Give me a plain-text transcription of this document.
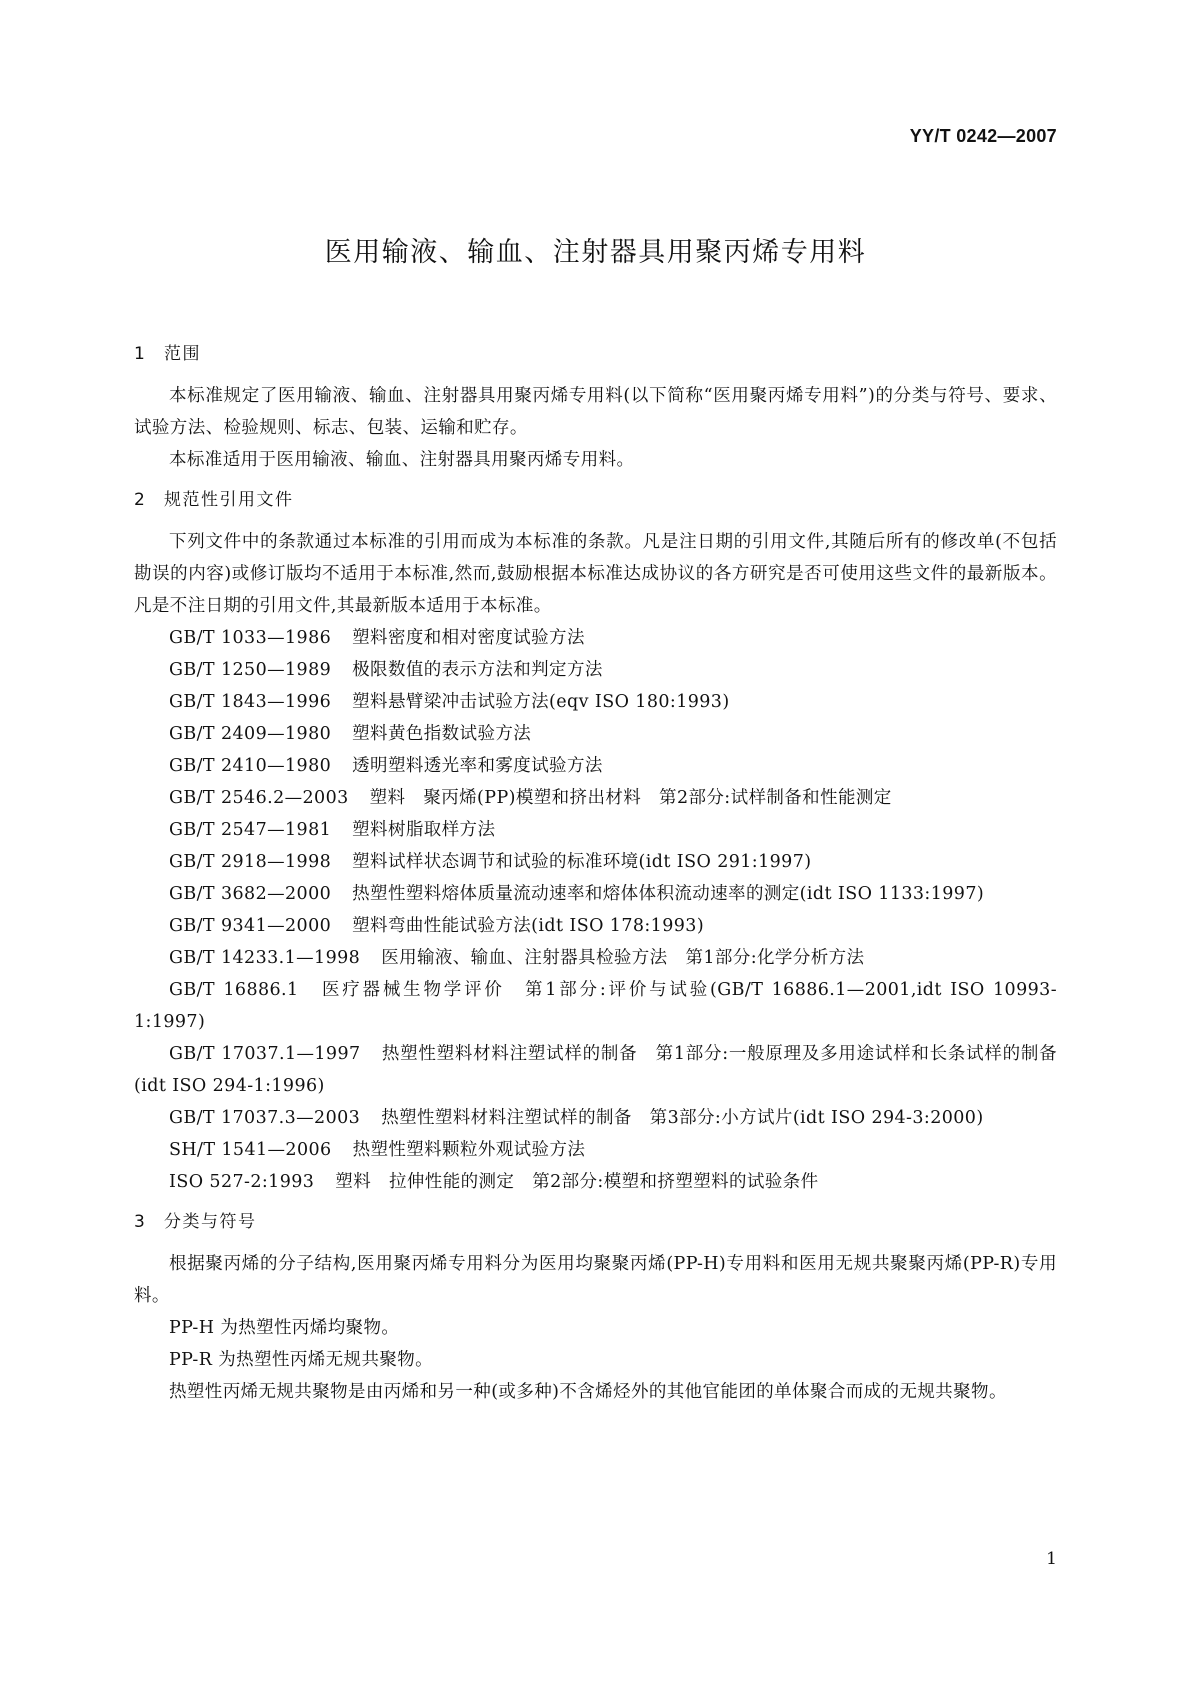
YY/T 0242—2007
医用输液、输血、注射器具用聚丙烯专用料
1 范围

本标准规定了医用输液、输血、注射器具用聚丙烯专用料(以下简称“医用聚丙烯专用料”)的分类与符号、要求、试验方法、检验规则、标志、包装、运输和贮存。

本标准适用于医用输液、输血、注射器具用聚丙烯专用料。

2 规范性引用文件

下列文件中的条款通过本标准的引用而成为本标准的条款。凡是注日期的引用文件,其随后所有的修改单(不包括勘误的内容)或修订版均不适用于本标准,然而,鼓励根据本标准达成协议的各方研究是否可使用这些文件的最新版本。凡是不注日期的引用文件,其最新版本适用于本标准。

GB/T 1033—1986 塑料密度和相对密度试验方法

GB/T 1250—1989 极限数值的表示方法和判定方法

GB/T 1843—1996 塑料悬臂梁冲击试验方法(eqv ISO 180:1993)

GB/T 2409—1980 塑料黄色指数试验方法

GB/T 2410—1980 透明塑料透光率和雾度试验方法

GB/T 2546.2—2003 塑料　聚丙烯(PP)模塑和挤出材料　第2部分:试样制备和性能测定

GB/T 2547—1981 塑料树脂取样方法

GB/T 2918—1998 塑料试样状态调节和试验的标准环境(idt ISO 291:1997)

GB/T 3682—2000 热塑性塑料熔体质量流动速率和熔体体积流动速率的测定(idt ISO 1133:1997)

GB/T 9341—2000 塑料弯曲性能试验方法(idt ISO 178:1993)

GB/T 14233.1—1998 医用输液、输血、注射器具检验方法　第1部分:化学分析方法

GB/T 16886.1 医疗器械生物学评价　第1部分:评价与试验(GB/T 16886.1—2001,idt ISO 10993-1:1997)

GB/T 17037.1—1997 热塑性塑料材料注塑试样的制备　第1部分:一般原理及多用途试样和长条试样的制备(idt ISO 294-1:1996)

GB/T 17037.3—2003 热塑性塑料材料注塑试样的制备　第3部分:小方试片(idt ISO 294-3:2000)

SH/T 1541—2006 热塑性塑料颗粒外观试验方法

ISO 527-2:1993 塑料　拉伸性能的测定　第2部分:模塑和挤塑塑料的试验条件

3 分类与符号

根据聚丙烯的分子结构,医用聚丙烯专用料分为医用均聚聚丙烯(PP-H)专用料和医用无规共聚聚丙烯(PP-R)专用料。

PP-H 为热塑性丙烯均聚物。

PP-R 为热塑性丙烯无规共聚物。

热塑性丙烯无规共聚物是由丙烯和另一种(或多种)不含烯烃外的其他官能团的单体聚合而成的无规共聚物。

1
